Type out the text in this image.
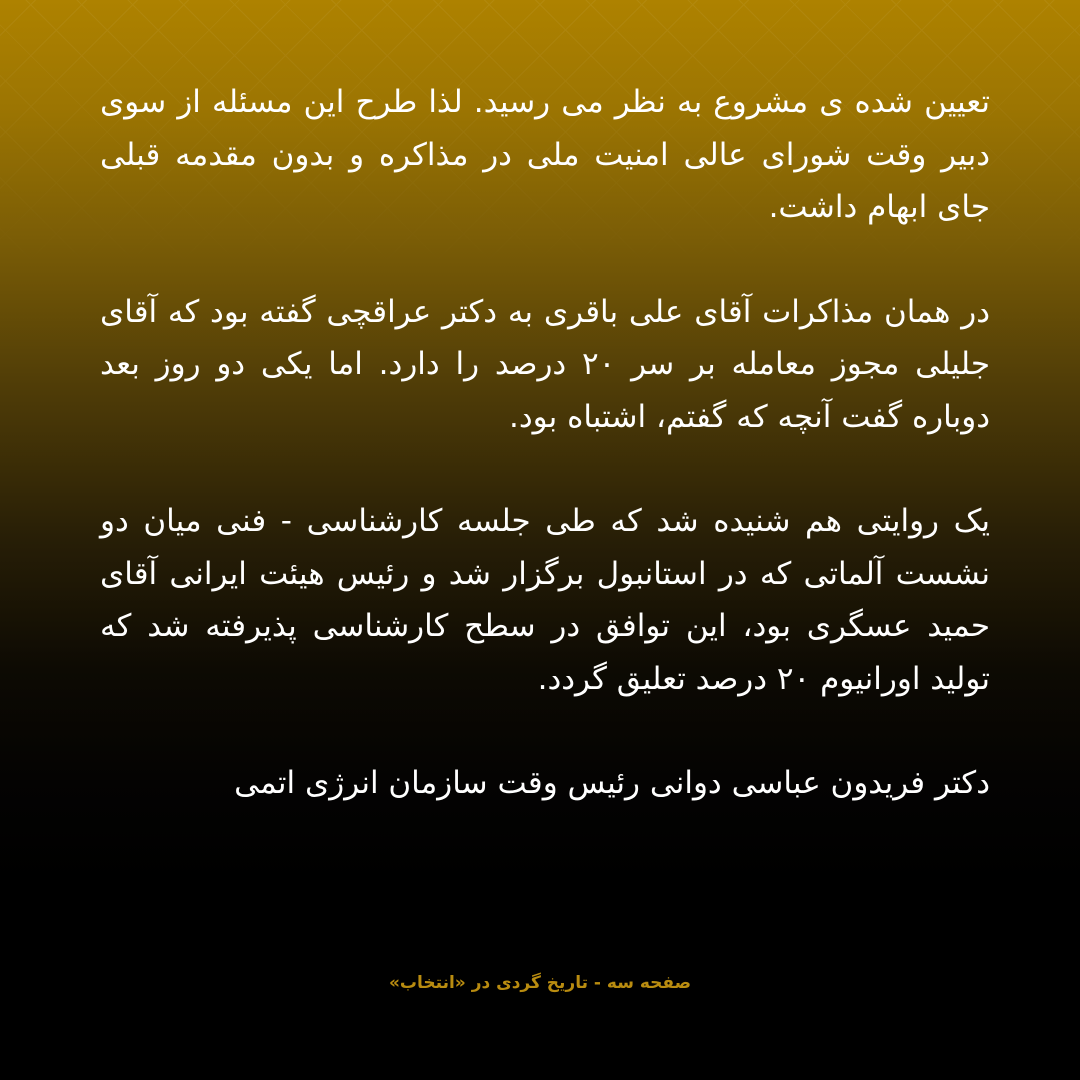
تعیین شده ی مشروع به نظر می رسید. لذا طرح این مسئله از سوی دبیر وقت شورای عالی امنیت ملی در مذاکره و بدون مقدمه قبلی جای ابهام داشت.

در همان مذاکرات آقای علی باقری به دکتر عراقچی گفته بود که آقای جلیلی مجوز معامله بر سر ۲۰ درصد را دارد. اما یکی دو روز بعد دوباره گفت آنچه که گفتم، اشتباه بود.

یک روایتی هم شنیده شد که طی جلسه کارشناسی - فنی میان دو نشست آلماتی که در استانبول برگزار شد و رئیس هیئت ایرانی آقای حمید عسگری بود، این توافق در سطح کارشناسی پذیرفته شد که تولید اورانیوم ۲۰ درصد تعلیق گردد.

دکتر فریدون عباسی دوانی رئیس وقت سازمان انرژی اتمی

صفحه سه - تاریخ گردی در «انتخاب»
